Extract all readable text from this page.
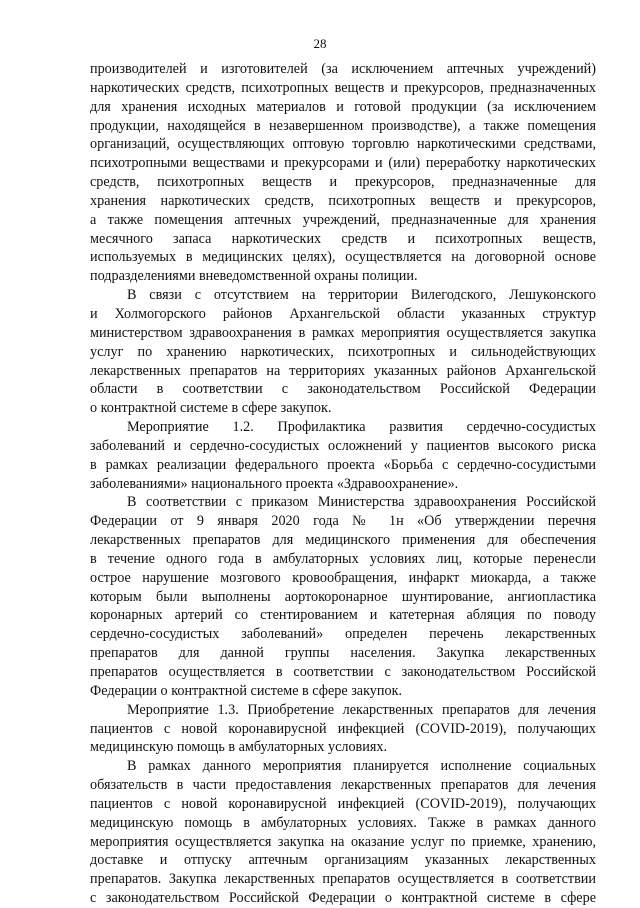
28

производителей и изготовителей (за исключением аптечных учреждений)

наркотических средств, психотропных веществ и прекурсоров, предназначенных

для хранения исходных материалов и готовой продукции (за исключением

продукции, находящейся в незавершенном производстве), а также помещения

организаций, осуществляющих оптовую торговлю наркотическими средствами,

психотропными веществами и прекурсорами и (или) переработку наркотических

средств, психотропных веществ и прекурсоров, предназначенные для

хранения наркотических средств, психотропных веществ и прекурсоров,

а также помещения аптечных учреждений, предназначенные для хранения

месячного запаса наркотических средств и психотропных веществ,

используемых в медицинских целях), осуществляется на договорной основе

подразделениями вневедомственной охраны полиции.

В связи с отсутствием на территории Вилегодского, Лешуконского

и Холмогорского районов Архангельской области указанных структур

министерством здравоохранения в рамках мероприятия осуществляется закупка

услуг по хранению наркотических, психотропных и сильнодействующих

лекарственных препаратов на территориях указанных районов Архангельской

области в соответствии с законодательством Российской Федерации

о контрактной системе в сфере закупок.

Мероприятие 1.2. Профилактика развития сердечно-сосудистых

заболеваний и сердечно-сосудистых осложнений у пациентов высокого риска

в рамках реализации федерального проекта «Борьба с сердечно-сосудистыми

заболеваниями» национального проекта «Здравоохранение».

В соответствии с приказом Министерства здравоохранения Российской

Федерации от 9 января 2020 года № 1н «Об утверждении перечня

лекарственных препаратов для медицинского применения для обеспечения

в течение одного года в амбулаторных условиях лиц, которые перенесли

острое нарушение мозгового кровообращения, инфаркт миокарда, а также

которым были выполнены аортокоронарное шунтирование, ангиопластика

коронарных артерий со стентированием и катетерная абляция по поводу

сердечно-сосудистых заболеваний» определен перечень лекарственных

препаратов для данной группы населения. Закупка лекарственных

препаратов осуществляется в соответствии с законодательством Российской

Федерации о контрактной системе в сфере закупок.

Мероприятие 1.3. Приобретение лекарственных препаратов для лечения

пациентов с новой коронавирусной инфекцией (COVID-2019), получающих

медицинскую помощь в амбулаторных условиях.

В рамках данного мероприятия планируется исполнение социальных

обязательств в части предоставления лекарственных препаратов для лечения

пациентов с новой коронавирусной инфекцией (COVID-2019), получающих

медицинскую помощь в амбулаторных условиях. Также в рамках данного

мероприятия осуществляется закупка на оказание услуг по приемке, хранению,

доставке и отпуску аптечным организациям указанных лекарственных

препаратов. Закупка лекарственных препаратов осуществляется в соответствии

с законодательством Российской Федерации о контрактной системе в сфере
